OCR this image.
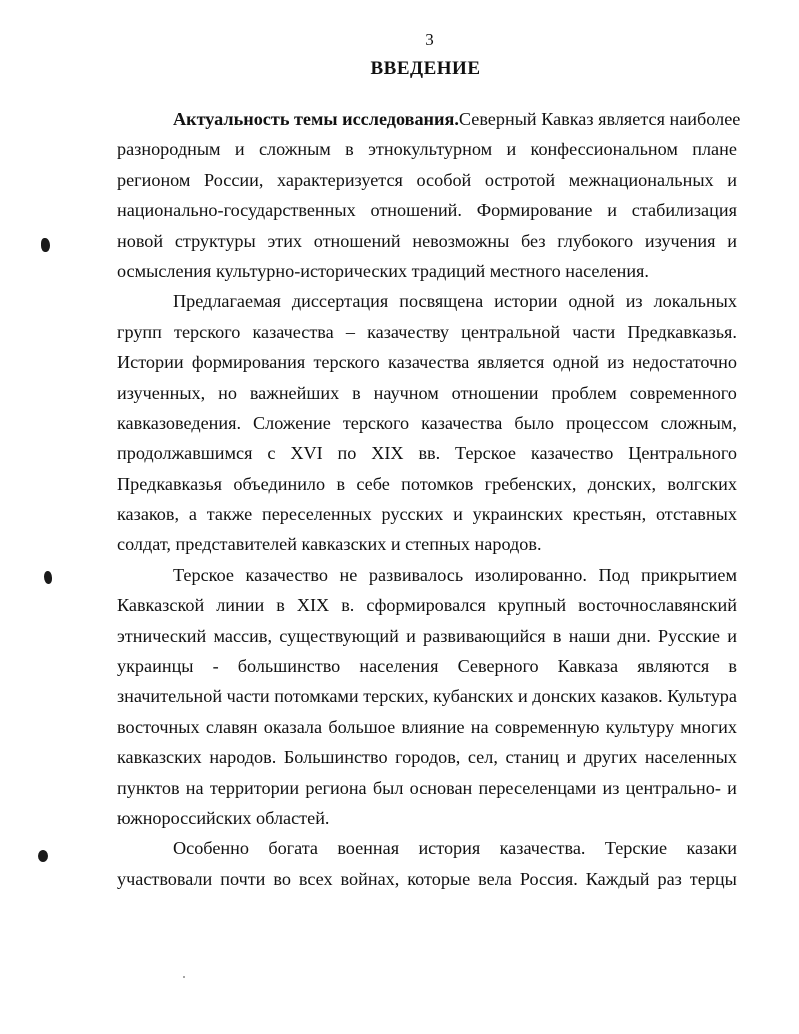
3
ВВЕДЕНИЕ
Актуальность темы исследования. Северный Кавказ является наиболее
разнородным и сложным в этнокультурном и конфессиональном плане
регионом России, характеризуется особой остротой межнациональных и
национально-государственных отношений. Формирование и стабилизация
новой структуры этих отношений невозможны без глубокого изучения и
осмысления культурно-исторических традиций местного населения.
Предлагаемая диссертация посвящена истории одной из локальных
групп терского казачества – казачеству центральной части Предкавказья.
Истории формирования терского казачества является одной из недостаточно
изученных, но важнейших в научном отношении проблем современного
кавказоведения. Сложение терского казачества было процессом сложным,
продолжавшимся с XVI по XIX вв. Терское казачество Центрального
Предкавказья объединило в себе потомков гребенских, донских, волгских
казаков, а также переселенных русских и украинских крестьян, отставных
солдат, представителей кавказских и степных народов.
Терское казачество не развивалось изолированно. Под прикрытием
Кавказской линии в XIX в. сформировался крупный восточнославянский
этнический массив, существующий и развивающийся в наши дни. Русские и
украинцы - большинство населения Северного Кавказа являются в
значительной части потомками терских, кубанских и донских казаков. Культура
восточных славян оказала большое влияние на современную культуру многих
кавказских народов. Большинство городов, сел, станиц и других населенных
пунктов на территории региона был основан переселенцами из центрально- и
южнороссийских областей.
Особенно богата военная история казачества. Терские казаки
участвовали почти во всех войнах, которые вела Россия. Каждый раз терцы
